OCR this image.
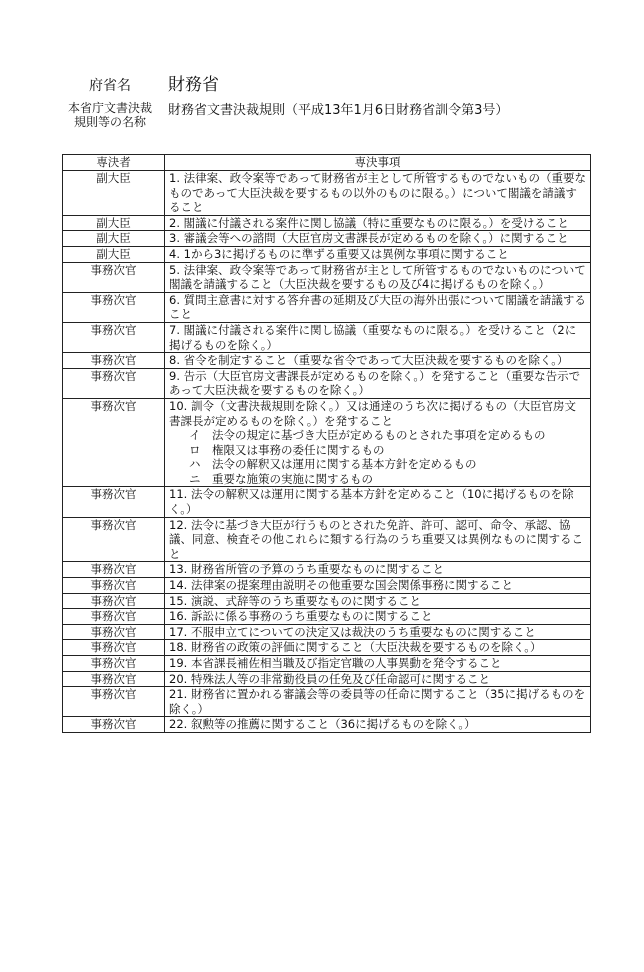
府省名	財務省
本省庁文書決裁
規則等の名称
財務省文書決裁規則（平成13年1月6日財務省訓令第3号）
専決者	専決事項
副大臣	1. 法律案、政令案等であって財務省が主として所管するものでないもの（重要なものであって大臣決裁を要するもの以外のものに限る。）について閣議を請議すること

副大臣	2. 閣議に付議される案件に関し協議（特に重要なものに限る。）を受けること

副大臣	3. 審議会等への諮問（大臣官房文書課長が定めるものを除く。）に関すること

副大臣	4. 1から3に掲げるものに準ずる重要又は異例な事項に関すること

事務次官	5. 法律案、政令案等であって財務省が主として所管するものでないものについて閣議を請議すること（大臣決裁を要するもの及び4に掲げるものを除く。）

事務次官	6. 質問主意書に対する答弁書の延期及び大臣の海外出張について閣議を請議すること

事務次官	7. 閣議に付議される案件に関し協議（重要なものに限る。）を受けること（2に掲げるものを除く。）

事務次官	8. 省令を制定すること（重要な省令であって大臣決裁を要するものを除く。）

事務次官	9. 告示（大臣官房文書課長が定めるものを除く。）を発すること（重要な告示であって大臣決裁を要するものを除く。）

事務次官	10. 訓令（文書決裁規則を除く。）又は通達のうち次に掲げるもの（大臣官房文書課長が定めるものを除く。）を発すること
イ　法令の規定に基づき大臣が定めるものとされた事項を定めるもの
ロ　権限又は事務の委任に関するもの
ハ　法令の解釈又は運用に関する基本方針を定めるもの
ニ　重要な施策の実施に関するもの

事務次官	11. 法令の解釈又は運用に関する基本方針を定めること（10に掲げるものを除く。）

事務次官	12. 法令に基づき大臣が行うものとされた免許、許可、認可、命令、承認、協議、同意、検査その他これらに類する行為のうち重要又は異例なものに関すること

事務次官	13. 財務省所管の予算のうち重要なものに関すること

事務次官	14. 法律案の提案理由説明その他重要な国会関係事務に関すること

事務次官	15. 演説、式辞等のうち重要なものに関すること

事務次官	16. 訴訟に係る事務のうち重要なものに関すること

事務次官	17. 不服申立てについての決定又は裁決のうち重要なものに関すること

事務次官	18. 財務省の政策の評価に関すること（大臣決裁を要するものを除く。）

事務次官	19. 本省課長補佐相当職及び指定官職の人事異動を発令すること

事務次官	20. 特殊法人等の非常勤役員の任免及び任命認可に関すること

事務次官	21. 財務省に置かれる審議会等の委員等の任命に関すること（35に掲げるものを除く。）

事務次官	22. 叙勲等の推薦に関すること（36に掲げるものを除く。）
